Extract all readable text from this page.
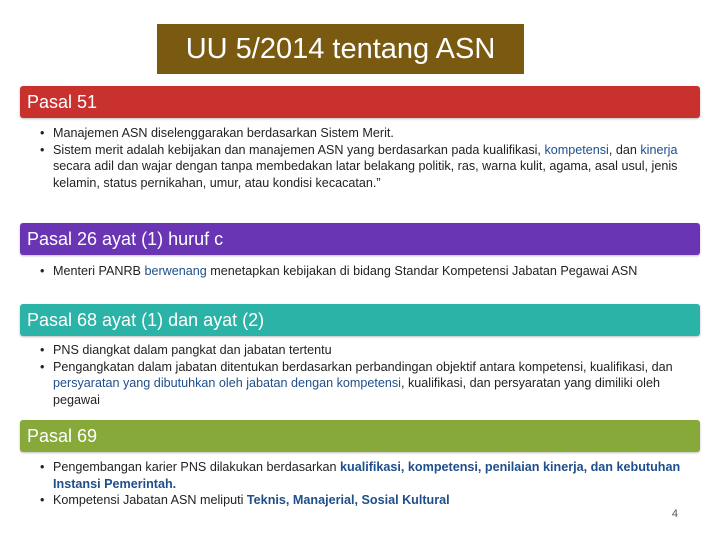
UU 5/2014 tentang ASN
Pasal 51
• Manajemen ASN diselenggarakan berdasarkan Sistem Merit.
• Sistem merit adalah kebijakan dan manajemen ASN yang berdasarkan pada kualifikasi, kompetensi, dan kinerja secara adil dan wajar dengan tanpa membedakan latar belakang politik, ras, warna kulit, agama, asal usul, jenis kelamin, status pernikahan, umur, atau kondisi kecacatan.”
Pasal 26 ayat (1) huruf c
• Menteri PANRB berwenang menetapkan kebijakan di bidang Standar Kompetensi Jabatan Pegawai ASN
Pasal 68 ayat (1) dan ayat (2)
• PNS diangkat dalam pangkat dan jabatan tertentu
• Pengangkatan dalam jabatan ditentukan berdasarkan perbandingan objektif antara kompetensi, kualifikasi, dan persyaratan yang dibutuhkan oleh jabatan dengan kompetensi, kualifikasi, dan persyaratan yang dimiliki oleh pegawai
Pasal 69
• Pengembangan karier PNS dilakukan berdasarkan kualifikasi, kompetensi, penilaian kinerja, dan kebutuhan Instansi Pemerintah.
• Kompetensi Jabatan ASN meliputi Teknis, Manajerial, Sosial Kultural
4
